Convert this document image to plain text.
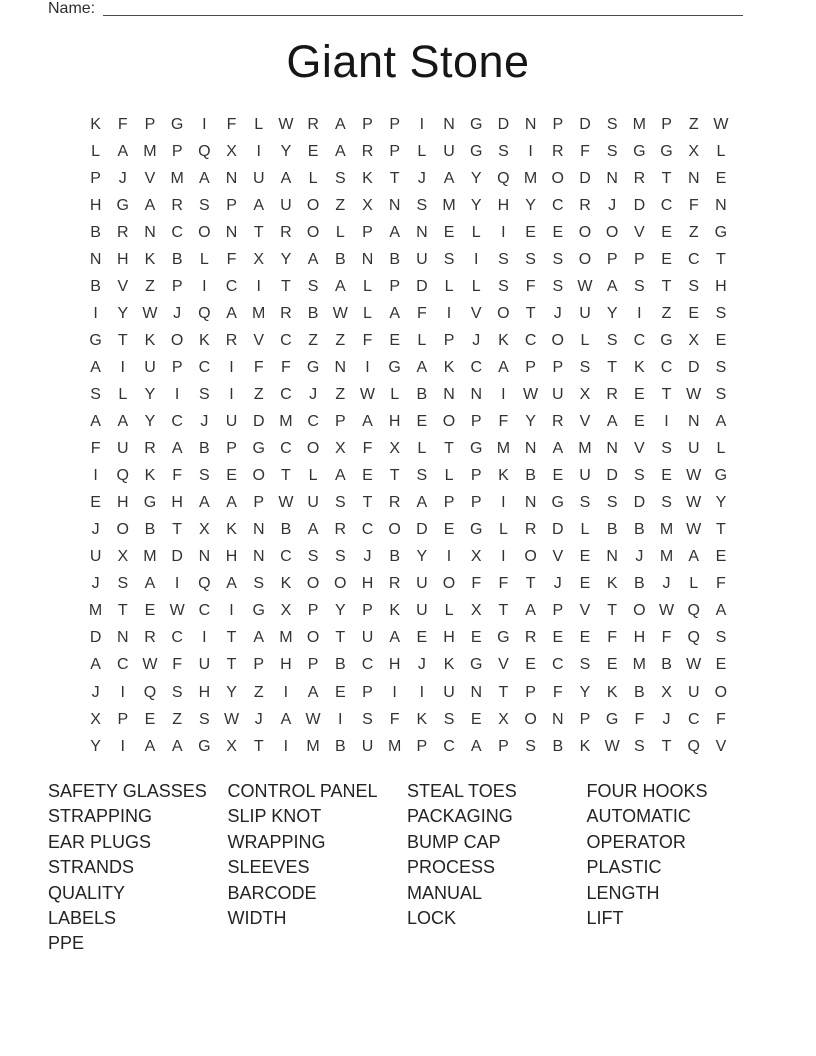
Name:
Giant Stone
K	F	P G	I	F	L W R	A	P	P	I	N G D N	P	D	S M P	Z W
L	A M P Q X	I	Y	E	A	R	P	L	U G S	I	R	F	S G G X	L
P	J	V M A	N U	A	L	S	K	T	J	A	Y Q M O D N R	T	N	E
H G A	R	S	P	A	U O	Z	X	N	S M Y	H	Y	C R	J	D C	F	N
B	R N C O N	T	R O	L	P	A	N	E	L	I	E	E O O V	E	Z	G
N H	K	B	L	F	X	Y	A	B	N	B	U	S	I	S	S	S O P	P	E	C	T
B	V	Z	P	I	C	I	T	S	A	L	P	D	L	L	S	F	S W A	S	T	S	H
I	Y W J	Q A M R	B W L	A	F	I	V O	T	J	U	Y	I	Z	E	S
G	T	K O K	R	V	C	Z	Z	F	E	L	P	J	K	C O	L	S	C G X	E
A	I	U	P	C	I	F	F	G N	I	G A	K	C	A	P	P	S	T	K	C D	S
S	L	Y	I	S	I	Z	C	J	Z W L	B	N N	I	W U	X	R	E	T W S
A	A	Y	C	J	U D M C	P	A	H	E O P	F	Y	R	V	A	E	I	N	A
F	U R	A	B	P G C O X	F	X	L	T	G M N	A M N	V	S	U	L
I	Q K	F	S	E O	T	L	A	E	T	S	L	P	K	B	E	U D	S	E W G
E	H G H	A	A	P W U	S	T	R	A	P	P	I	N G S	S	D	S W Y
J	O B	T	X	K	N	B	A	R C O D	E G	L	R D	L	B	B M W T
U	X M D N H N C	S	S	J	B	Y	I	X	I	O V	E	N	J	M A	E
J	S	A	I	Q A	S	K O O H R U O	F	F	T	J	E	K	B	J	L	F
M T	E W C	I	G X	P	Y	P	K	U	L	X	T	A	P	V	T	O W Q A
D N R C	I	T	A M O	T	U	A	E	H	E G R	E	E	F	H	F	Q S
A	C W F	U	T	P	H	P	B	C H	J	K G V	E	C	S	E M B W E
J	I	Q S	H	Y	Z	I	A	E	P	I	I	U N	T	P	F	Y	K	B	X	U O
X	P	E	Z	S W J	A W	I	S	F	K	S	E	X O N	P G	F	J	C	F
Y	I	A	A G X	T	I	M B	U M P	C	A	P	S	B	K W S	T	Q V
SAFETY GLASSES
STRAPPING
EAR PLUGS
STRANDS
QUALITY
LABELS
PPE
CONTROL PANEL
SLIP KNOT
WRAPPING
SLEEVES
BARCODE
WIDTH
STEAL TOES
PACKAGING
BUMP CAP
PROCESS
MANUAL
LOCK
FOUR HOOKS
AUTOMATIC
OPERATOR
PLASTIC
LENGTH
LIFT
